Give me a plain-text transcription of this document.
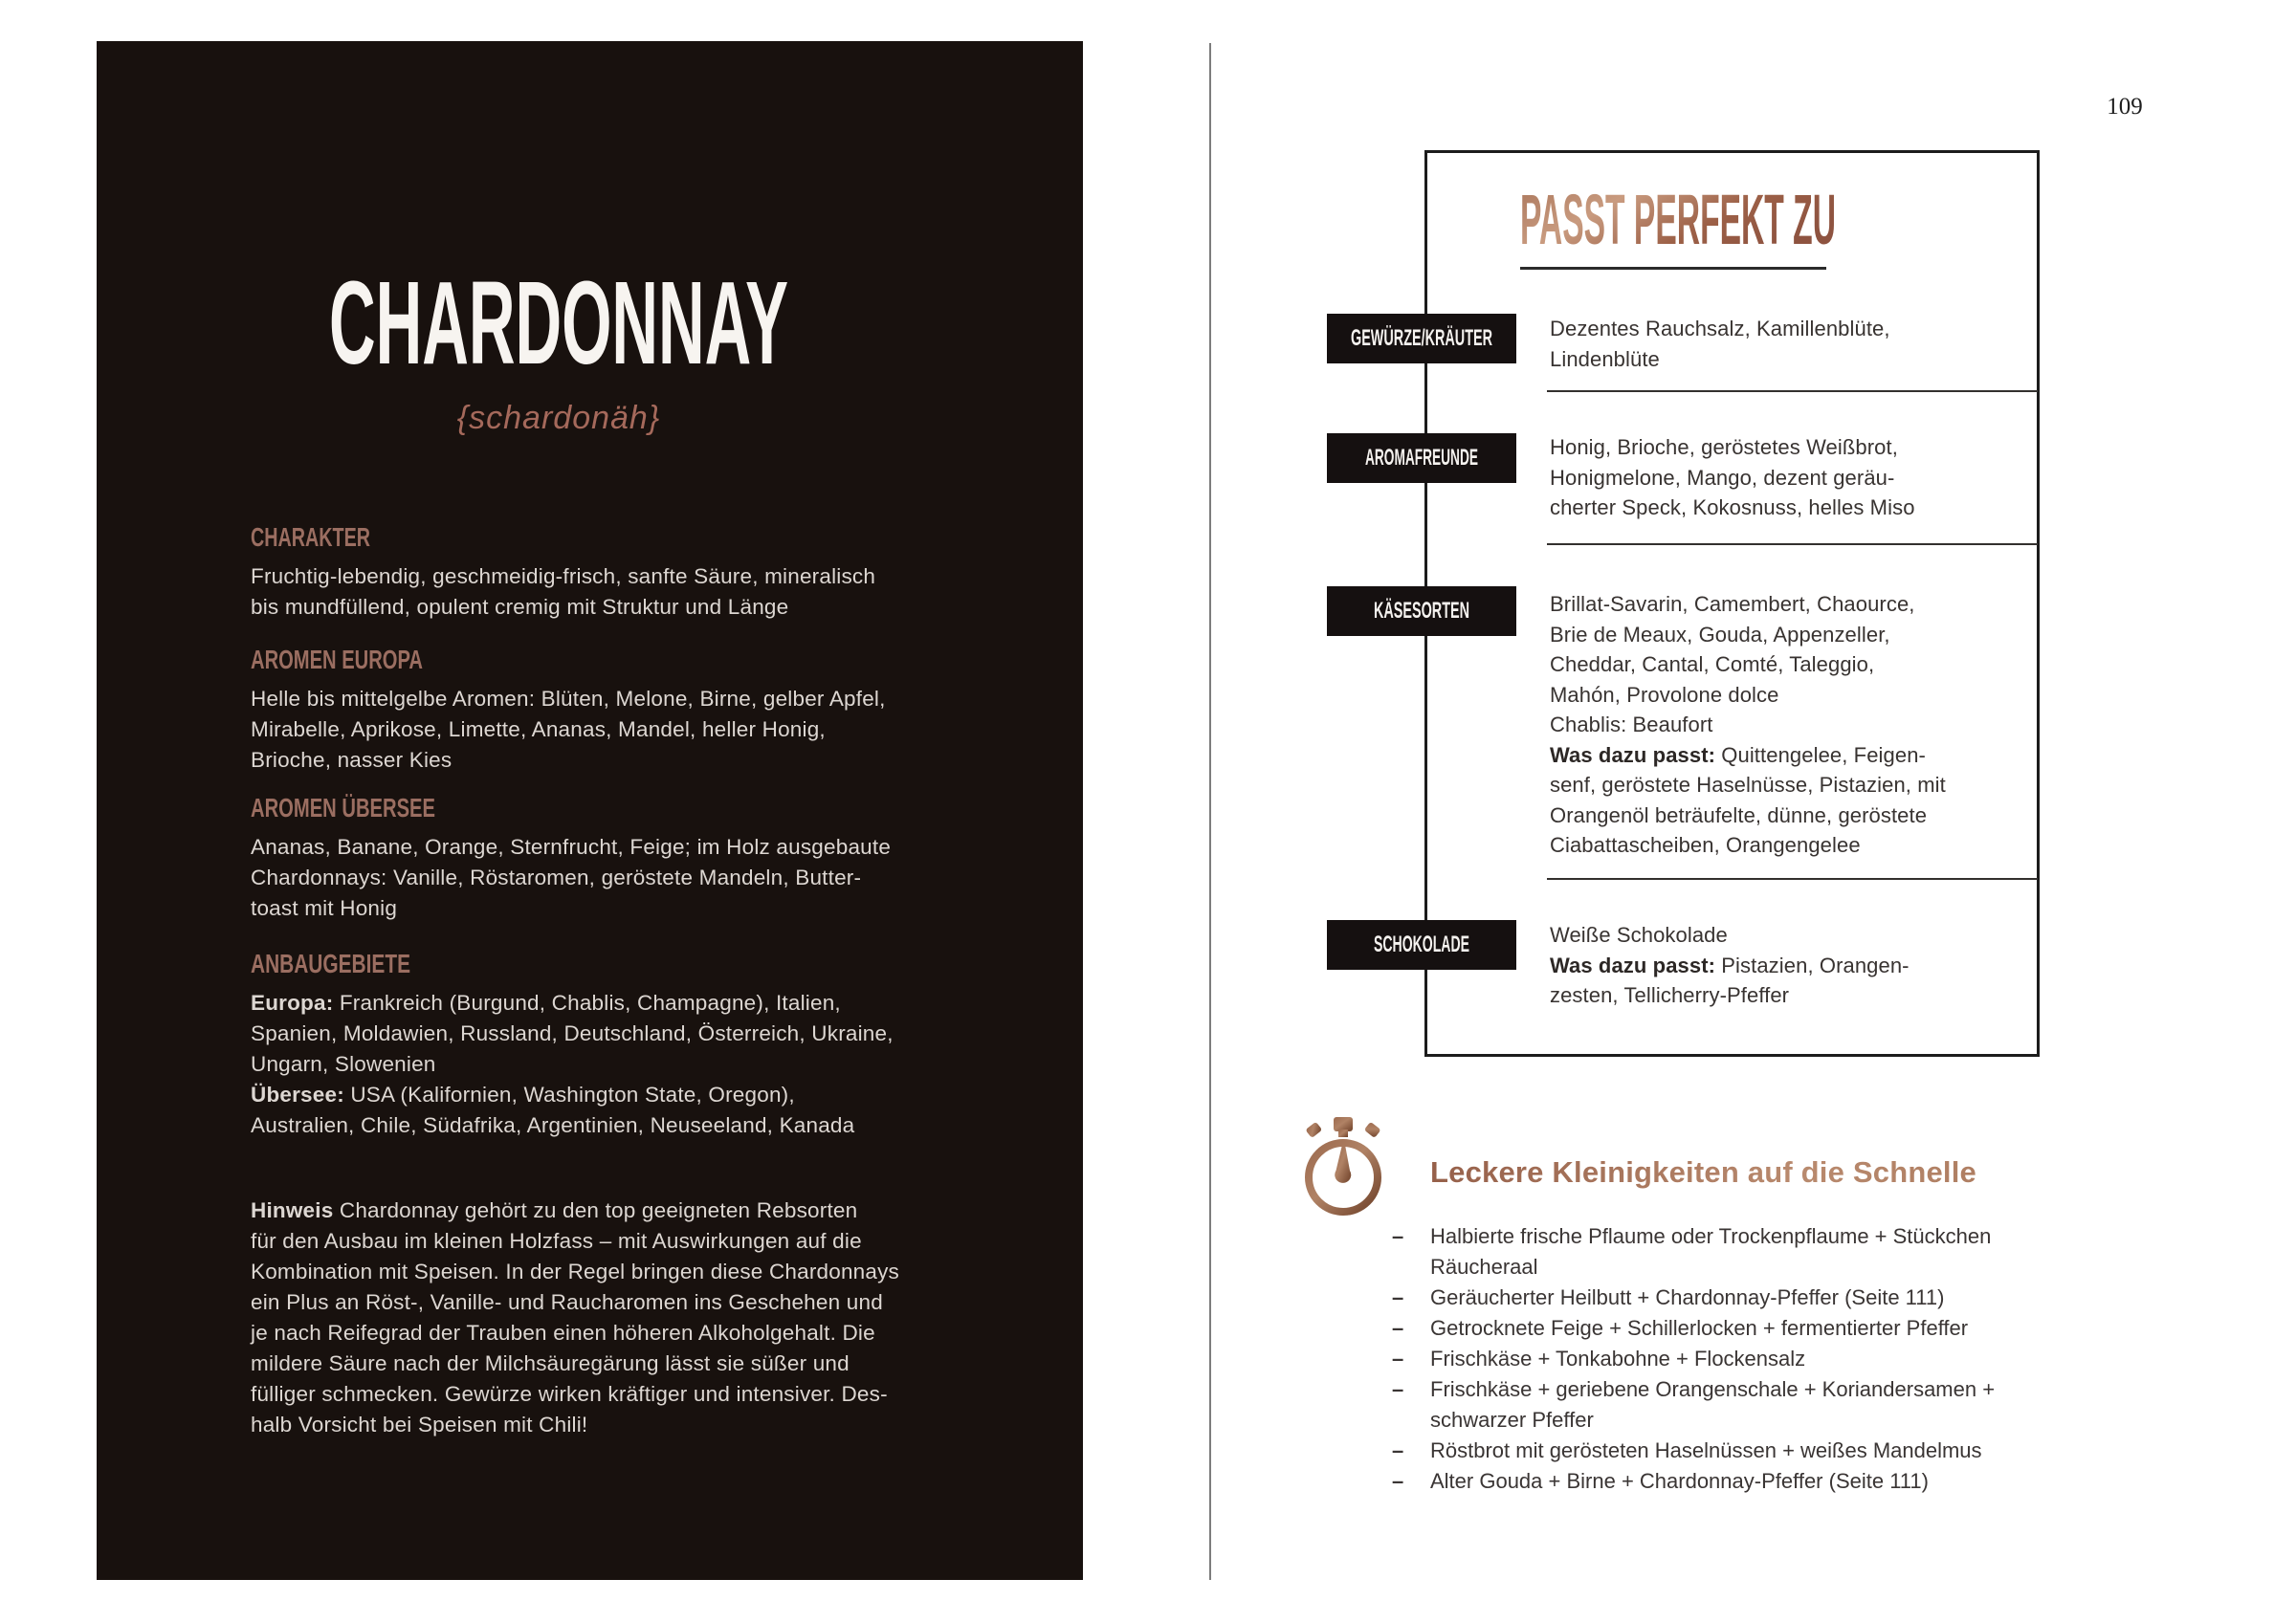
CHARDONNAY
{schardonäh}
CHARAKTER
Fruchtig-lebendig, geschmeidig-frisch, sanfte Säure, mineralisch
bis mundfüllend, opulent cremig mit Struktur und Länge
AROMEN EUROPA
Helle bis mittelgelbe Aromen: Blüten, Melone, Birne, gelber Apfel,
Mirabelle, Aprikose, Limette, Ananas, Mandel, heller Honig,
Brioche, nasser Kies
AROMEN ÜBERSEE
Ananas, Banane, Orange, Sternfrucht, Feige; im Holz ausgebaute
Chardonnays: Vanille, Röstaromen, geröstete Mandeln, Butter-
toast mit Honig
ANBAUGEBIETE
Europa: Frankreich (Burgund, Chablis, Champagne), Italien,
Spanien, Moldawien, Russland, Deutschland, Österreich, Ukraine,
Ungarn, Slowenien
Übersee: USA (Kalifornien, Washington State, Oregon),
Australien, Chile, Südafrika, Argentinien, Neuseeland, Kanada
Hinweis Chardonnay gehört zu den top geeigneten Rebsorten
für den Ausbau im kleinen Holzfass – mit Auswirkungen auf die
Kombination mit Speisen. In der Regel bringen diese Chardonnays
ein Plus an Röst-, Vanille- und Raucharomen ins Geschehen und
je nach Reifegrad der Trauben einen höheren Alkoholgehalt. Die
mildere Säure nach der Milchsäuregärung lässt sie süßer und
fülliger schmecken. Gewürze wirken kräftiger und intensiver. Des-
halb Vorsicht bei Speisen mit Chili!
109
PASST PERFEKT ZU
GEWÜRZE/KRÄUTER	Dezentes Rauchsalz, Kamillenblüte,
Lindenblüte
AROMAFREUNDE	Honig, Brioche, geröstetes Weißbrot,
Honigmelone, Mango, dezent geräu-
cherter Speck, Kokosnuss, helles Miso
KÄSESORTEN	Brillat-Savarin, Camembert, Chaource,
Brie de Meaux, Gouda, Appenzeller,
Cheddar, Cantal, Comté, Taleggio,
Mahón, Provolone dolce
Chablis: Beaufort
Was dazu passt: Quittengelee, Feigen-
senf, geröstete Haselnüsse, Pistazien, mit
Orangenöl beträufelte, dünne, geröstete
Ciabattascheiben, Orangengelee
SCHOKOLADE	Weiße Schokolade
Was dazu passt: Pistazien, Orangen-
zesten, Tellicherry-Pfeffer
Leckere Kleinigkeiten auf die Schnelle
– Halbierte frische Pflaume oder Trockenpflaume + Stückchen
Räucheraal
– Geräucherter Heilbutt + Chardonnay-Pfeffer (Seite 111)
– Getrocknete Feige + Schillerlocken + fermentierter Pfeffer
– Frischkäse + Tonkabohne + Flockensalz
– Frischkäse + geriebene Orangenschale + Koriandersamen +
schwarzer Pfeffer
– Röstbrot mit gerösteten Haselnüssen + weißes Mandelmus
– Alter Gouda + Birne + Chardonnay-Pfeffer (Seite 111)
